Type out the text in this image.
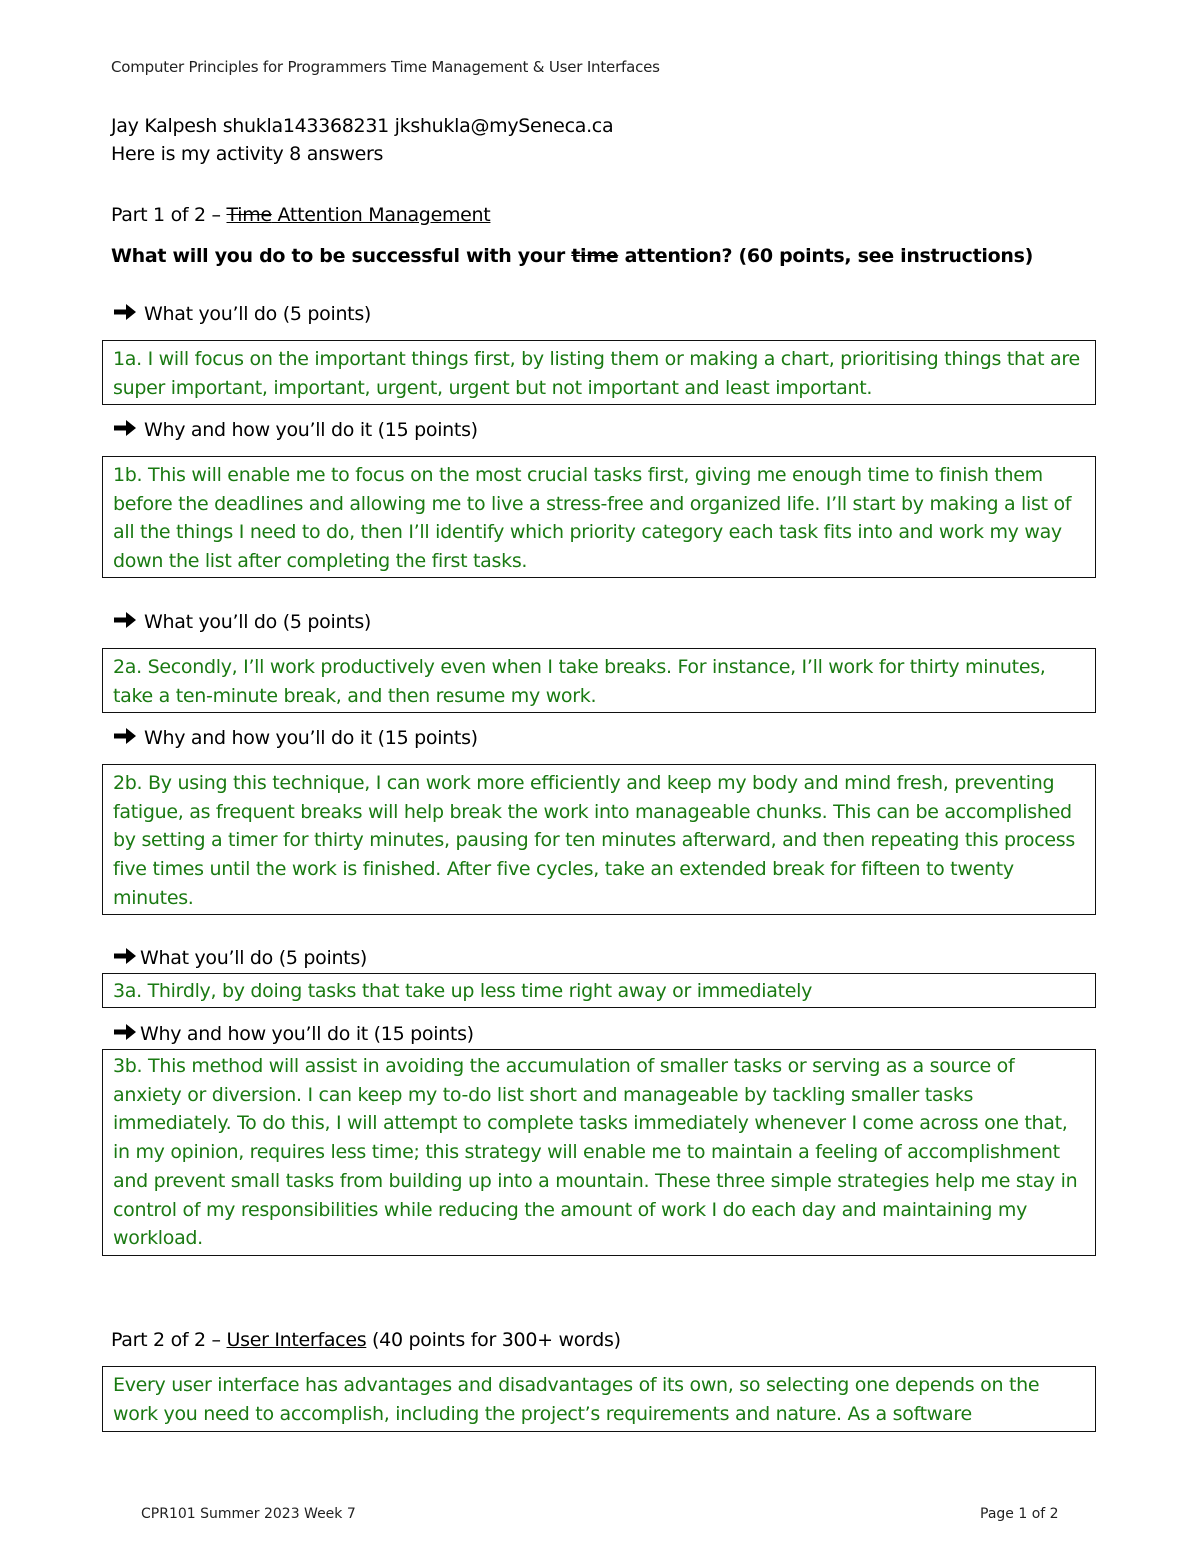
Computer Principles for Programmers Time Management & User Interfaces
Jay Kalpesh shukla143368231 jkshukla@mySeneca.ca
Here is my activity 8 answers
Part 1 of 2 – Time Attention Management
What will you do to be successful with your time attention? (60 points, see instructions)
What you’ll do (5 points)
1a. I will focus on the important things first, by listing them or making a chart, prioritising things that are super important, important, urgent, urgent but not important and least important.
Why and how you’ll do it (15 points)
1b. This will enable me to focus on the most crucial tasks first, giving me enough time to finish them before the deadlines and allowing me to live a stress-free and organized life. I’ll start by making a list of all the things I need to do, then I’ll identify which priority category each task fits into and work my way down the list after completing the first tasks.
What you’ll do (5 points)
2a. Secondly, I’ll work productively even when I take breaks. For instance, I’ll work for thirty minutes, take a ten-minute break, and then resume my work.
Why and how you’ll do it (15 points)
2b. By using this technique, I can work more efficiently and keep my body and mind fresh, preventing fatigue, as frequent breaks will help break the work into manageable chunks. This can be accomplished by setting a timer for thirty minutes, pausing for ten minutes afterward, and then repeating this process five times until the work is finished. After five cycles, take an extended break for fifteen to twenty minutes.
What you’ll do (5 points)
3a. Thirdly, by doing tasks that take up less time right away or immediately
Why and how you’ll do it (15 points)
3b. This method will assist in avoiding the accumulation of smaller tasks or serving as a source of anxiety or diversion. I can keep my to-do list short and manageable by tackling smaller tasks immediately. To do this, I will attempt to complete tasks immediately whenever I come across one that, in my opinion, requires less time; this strategy will enable me to maintain a feeling of accomplishment and prevent small tasks from building up into a mountain. These three simple strategies help me stay in control of my responsibilities while reducing the amount of work I do each day and maintaining my workload.
Part 2 of 2 – User Interfaces (40 points for 300+ words)
Every user interface has advantages and disadvantages of its own, so selecting one depends on the work you need to accomplish, including the project’s requirements and nature. As a software
CPR101 Summer 2023 Week 7	Page 1 of 2
